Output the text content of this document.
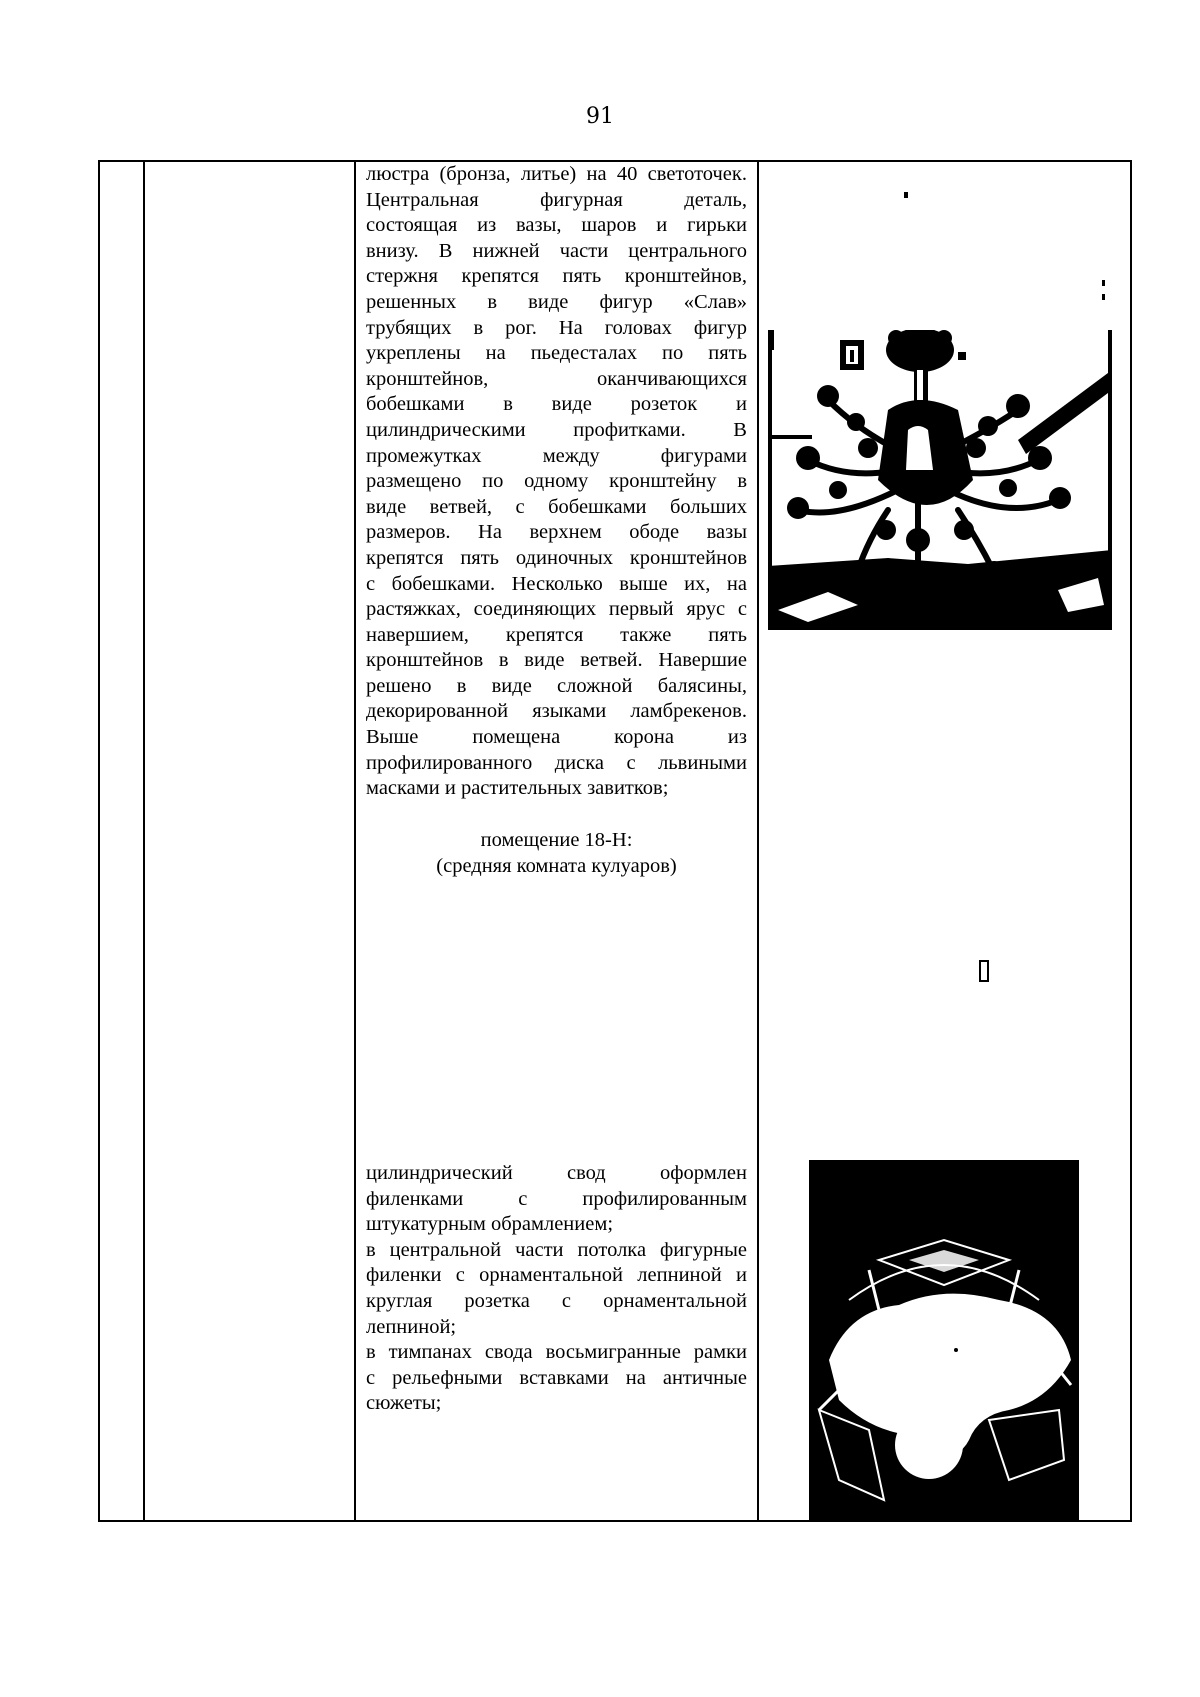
91

люстра (бронза, литье) на 40 светоточек.

Центральная фигурная деталь,

состоящая из вазы, шаров и гирьки

внизу. В нижней части центрального

стержня крепятся пять кронштейнов,

решенных в виде фигур «Слав»

трубящих в рог. На головах фигур

укреплены на пьедесталах по пять

кронштейнов, оканчивающихся

бобешками в виде розеток и

цилиндрическими профитками. В

промежутках между фигурами

размещено по одному кронштейну в

виде ветвей, с бобешками больших

размеров. На верхнем ободе вазы

крепятся пять одиночных кронштейнов

с бобешками. Несколько выше их, на

растяжках, соединяющих первый ярус с

навершием, крепятся также пять

кронштейнов в виде ветвей. Навершие

решено в виде сложной балясины,

декорированной языками ламбрекенов.

Выше помещена корона из

профилированного диска с львиными

масками и растительных завитков;

помещение 18-Н:
(средняя комната кулуаров)

цилиндрический свод оформлен

филенками с профилированным

штукатурным обрамлением;

в центральной части потолка фигурные

филенки с орнаментальной лепниной и

круглая розетка с орнаментальной

лепниной;

в тимпанах свода восьмигранные рамки

с рельефными вставками на античные

сюжеты;
